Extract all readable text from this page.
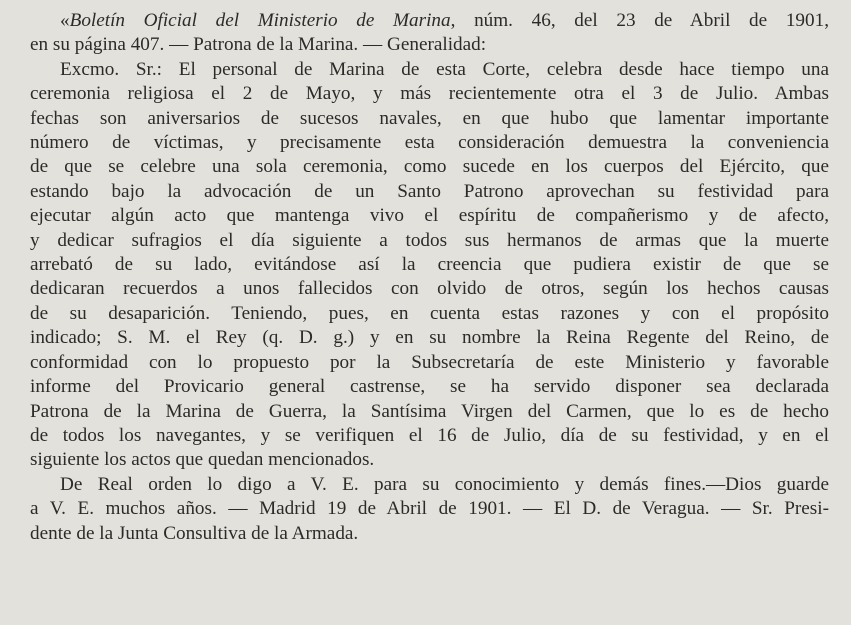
«Boletín Oficial del Ministerio de Marina, núm. 46, del 23 de Abril de 1901,
en su página 407. — Patrona de la Marina. — Generalidad:
Excmo. Sr.: El personal de Marina de esta Corte, celebra desde hace tiempo una
ceremonia religiosa el 2 de Mayo, y más recientemente otra el 3 de Julio. Ambas
fechas son aniversarios de sucesos navales, en que hubo que lamentar importante
número de víctimas, y precisamente esta consideración demuestra la conveniencia
de que se celebre una sola ceremonia, como sucede en los cuerpos del Ejército, que
estando bajo la advocación de un Santo Patrono aprovechan su festividad para
ejecutar algún acto que mantenga vivo el espíritu de compañerismo y de afecto,
y dedicar sufragios el día siguiente a todos sus hermanos de armas que la muerte
arrebató de su lado, evitándose así la creencia que pudiera existir de que se
dedicaran recuerdos a unos fallecidos con olvido de otros, según los hechos causas
de su desaparición. Teniendo, pues, en cuenta estas razones y con el propósito
indicado; S. M. el Rey (q. D. g.) y en su nombre la Reina Regente del Reino, de
conformidad con lo propuesto por la Subsecretaría de este Ministerio y favorable
informe del Provicario general castrense, se ha servido disponer sea declarada
Patrona de la Marina de Guerra, la Santísima Virgen del Carmen, que lo es de hecho
de todos los navegantes, y se verifiquen el 16 de Julio, día de su festividad, y en el
siguiente los actos que quedan mencionados.
De Real orden lo digo a V. E. para su conocimiento y demás fines.—Dios guarde
a V. E. muchos años. — Madrid 19 de Abril de 1901. — El D. de Veragua. — Sr. Presi-
dente de la Junta Consultiva de la Armada.
